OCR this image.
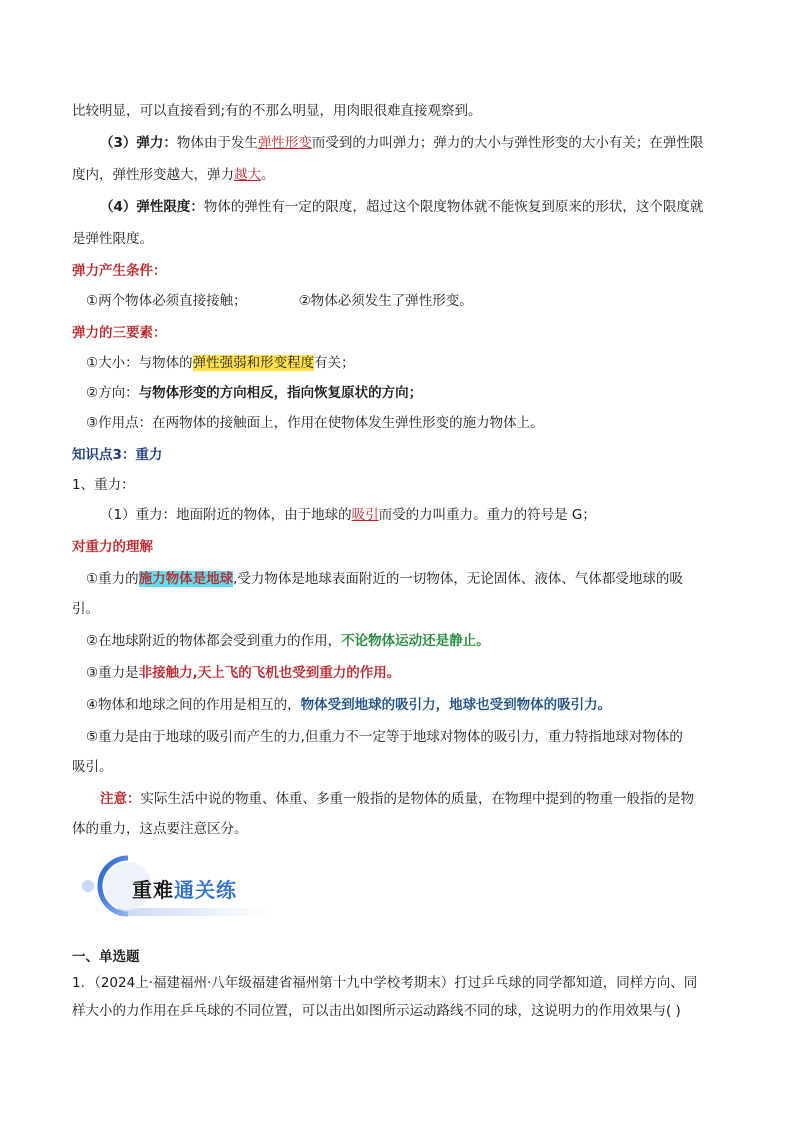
比较明显，可以直接看到;有的不那么明显，用肉眼很难直接观察到。
（3）弹力：物体由于发生弹性形变而受到的力叫弹力；弹力的大小与弹性形变的大小有关；在弹性限
度内，弹性形变越大，弹力越大。
（4）弹性限度：物体的弹性有一定的限度，超过这个限度物体就不能恢复到原来的形状，这个限度就
是弹性限度。
弹力产生条件：
①两个物体必须直接接触；	②物体必须发生了弹性形变。
弹力的三要素：
①大小：与物体的弹性强弱和形变程度有关；
②方向：与物体形变的方向相反，指向恢复原状的方向；
③作用点：在两物体的接触面上，作用在使物体发生弹性形变的施力物体上。
知识点3：重力
1、重力：
（1）重力：地面附近的物体，由于地球的吸引而受的力叫重力。重力的符号是 G；
对重力的理解
①重力的施力物体是地球,受力物体是地球表面附近的一切物体，无论固体、液体、气体都受地球的吸
引。
②在地球附近的物体都会受到重力的作用，不论物体运动还是静止。
③重力是非接触力,天上飞的飞机也受到重力的作用。
④物体和地球之间的作用是相互的，物体受到地球的吸引力，地球也受到物体的吸引力。
⑤重力是由于地球的吸引而产生的力,但重力不一定等于地球对物体的吸引力，重力特指地球对物体的
吸引。
注意：实际生活中说的物重、体重、多重一般指的是物体的质量，在物理中提到的物重一般指的是物
体的重力，这点要注意区分。
重难通关练
一、单选题
1．（2024上·福建福州·八年级福建省福州第十九中学校考期末）打过乒乓球的同学都知道，同样方向、同
样大小的力作用在乒乓球的不同位置，可以击出如图所示运动路线不同的球，这说明力的作用效果与( )
